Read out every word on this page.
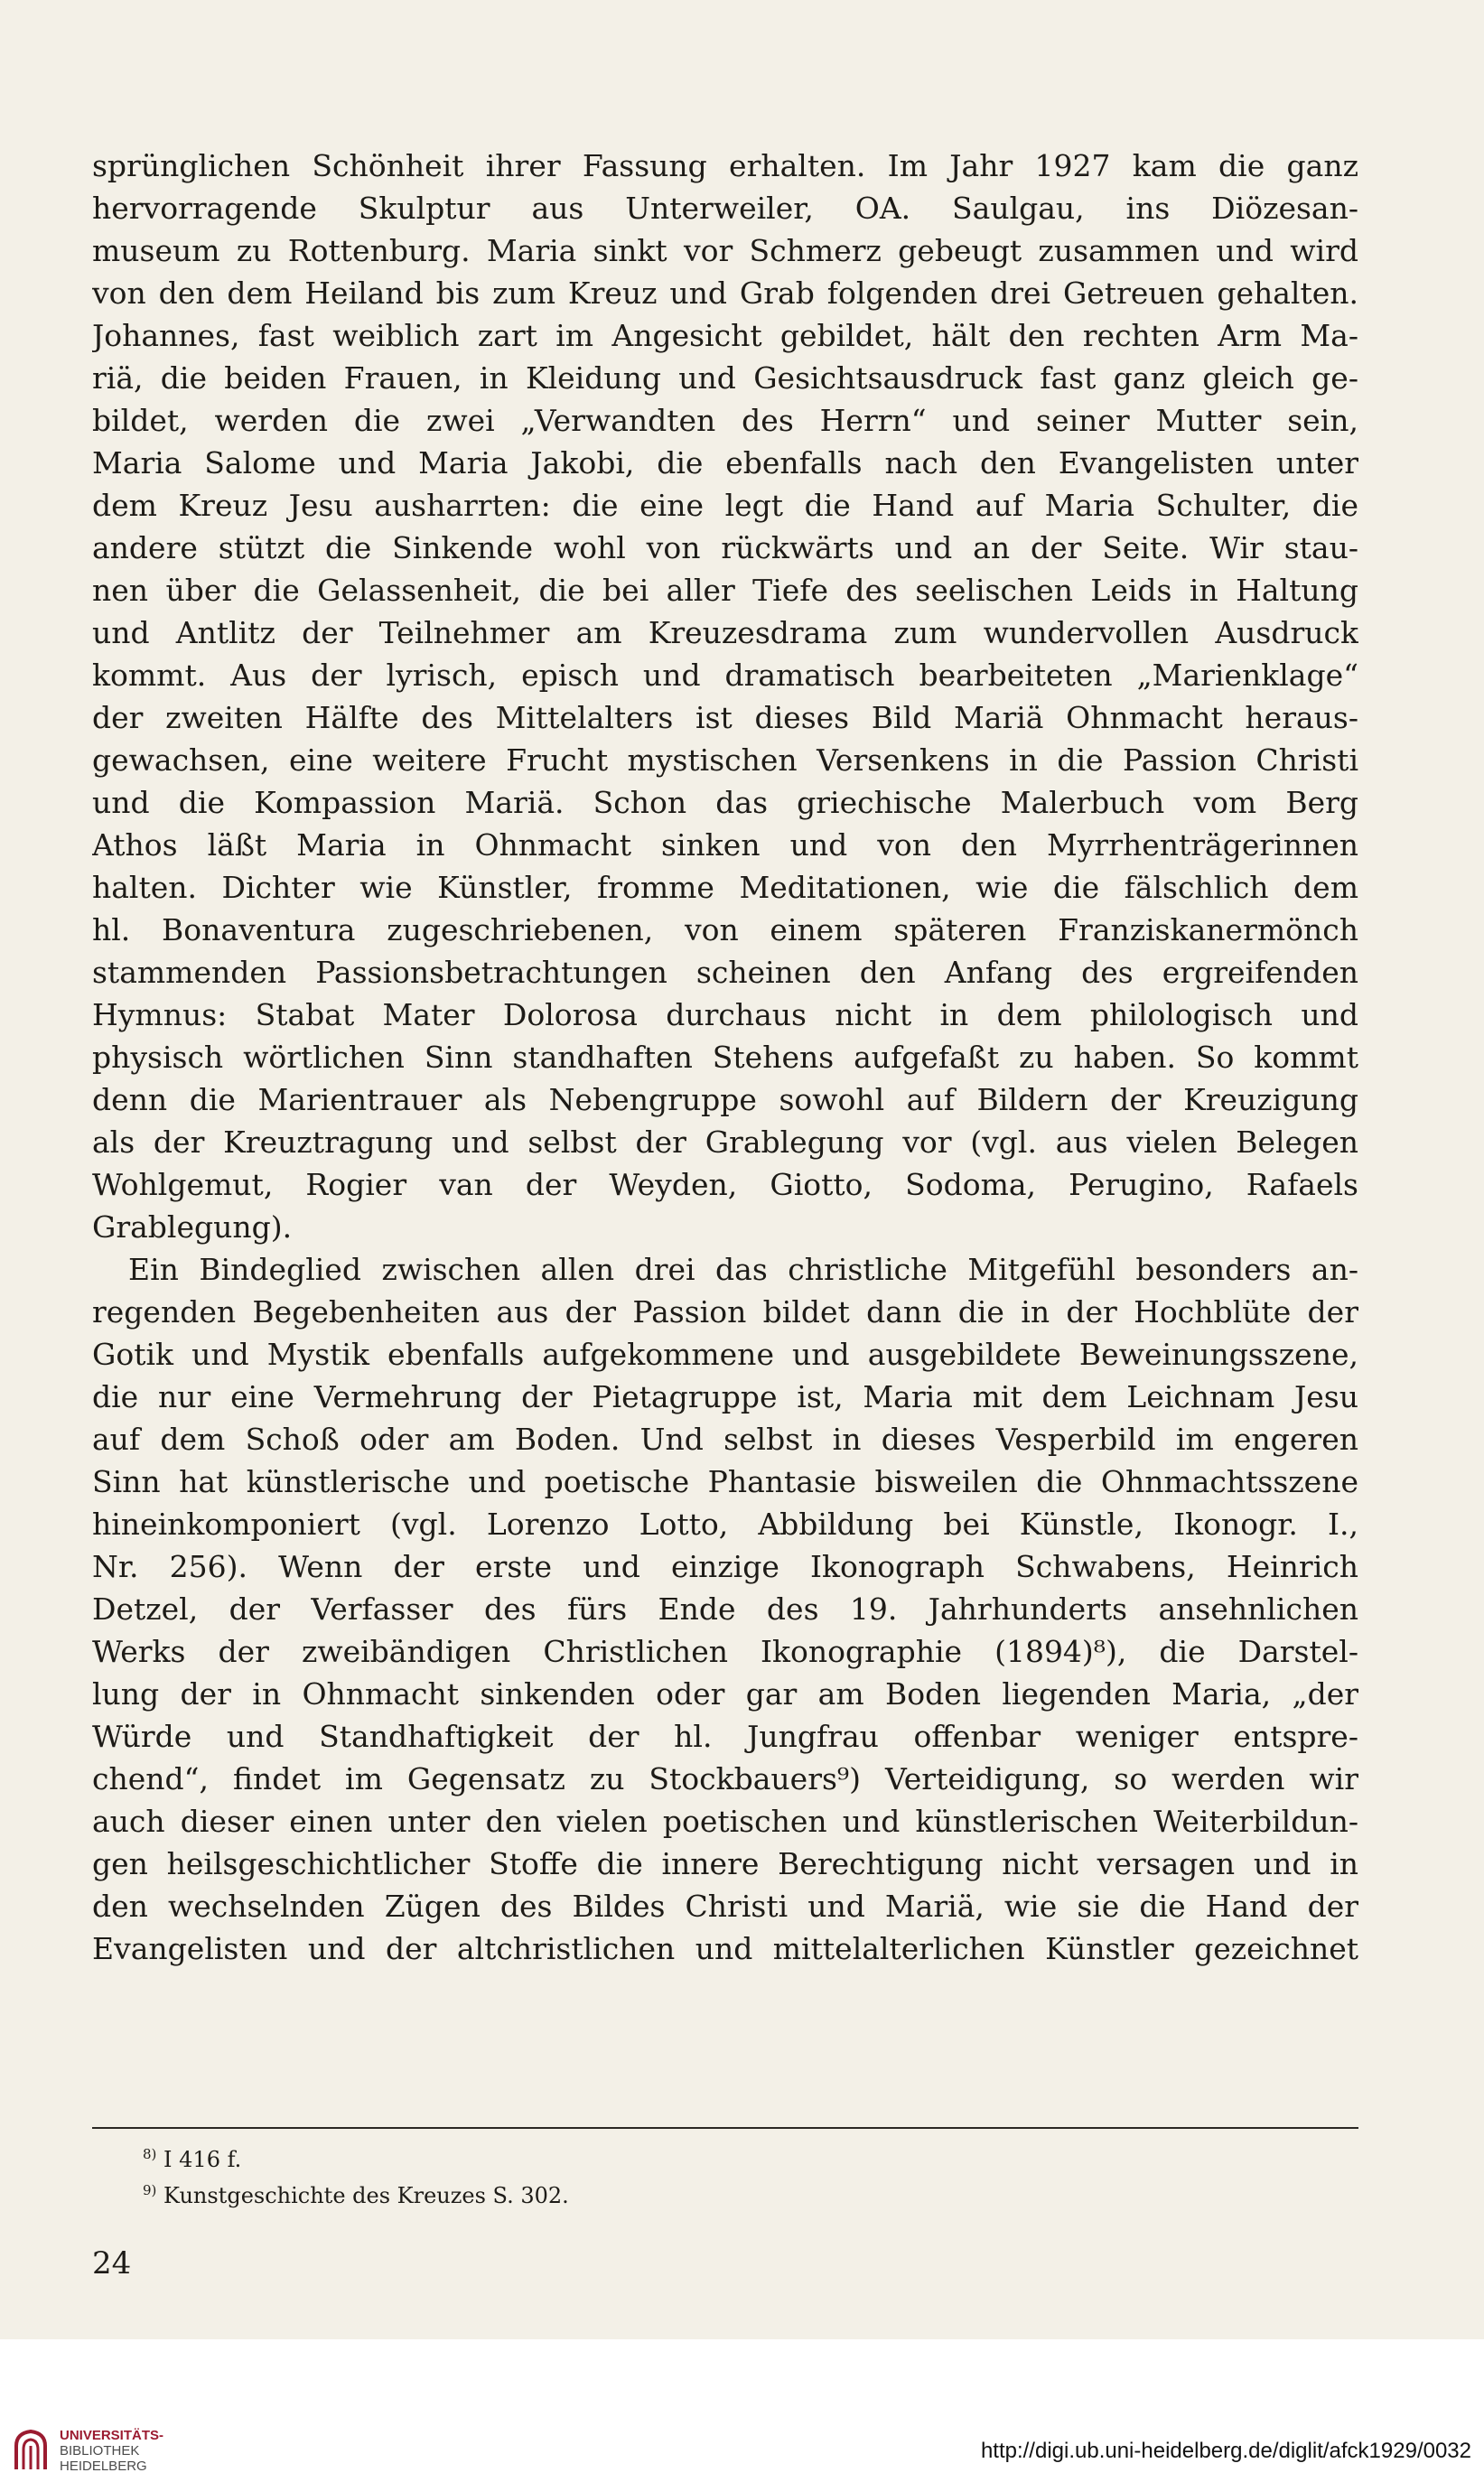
sprünglichen Schönheit ihrer Fassung erhalten. Im Jahr 1927 kam die ganz
hervorragende Skulptur aus Unterweiler, OA. Saulgau, ins Diözesan-
museum zu Rottenburg. Maria sinkt vor Schmerz gebeugt zusammen und wird
von den dem Heiland bis zum Kreuz und Grab folgenden drei Getreuen gehalten.
Johannes, fast weiblich zart im Angesicht gebildet, hält den rechten Arm Ma-
riä, die beiden Frauen, in Kleidung und Gesichtsausdruck fast ganz gleich ge-
bildet, werden die zwei „Verwandten des Herrn“ und seiner Mutter sein,
Maria Salome und Maria Jakobi, die ebenfalls nach den Evangelisten unter
dem Kreuz Jesu ausharrten: die eine legt die Hand auf Maria Schulter, die
andere stützt die Sinkende wohl von rückwärts und an der Seite. Wir stau-
nen über die Gelassenheit, die bei aller Tiefe des seelischen Leids in Haltung
und Antlitz der Teilnehmer am Kreuzesdrama zum wundervollen Ausdruck
kommt. Aus der lyrisch, episch und dramatisch bearbeiteten „Marienklage“
der zweiten Hälfte des Mittelalters ist dieses Bild Mariä Ohnmacht heraus-
gewachsen, eine weitere Frucht mystischen Versenkens in die Passion Christi
und die Kompassion Mariä. Schon das griechische Malerbuch vom Berg
Athos läßt Maria in Ohnmacht sinken und von den Myrrhenträgerinnen
halten. Dichter wie Künstler, fromme Meditationen, wie die fälschlich dem
hl. Bonaventura zugeschriebenen, von einem späteren Franziskanermönch
stammenden Passionsbetrachtungen scheinen den Anfang des ergreifenden
Hymnus: Stabat Mater Dolorosa durchaus nicht in dem philologisch und
physisch wörtlichen Sinn standhaften Stehens aufgefaßt zu haben. So kommt
denn die Marientrauer als Nebengruppe sowohl auf Bildern der Kreuzigung
als der Kreuztragung und selbst der Grablegung vor (vgl. aus vielen Belegen
Wohlgemut, Rogier van der Weyden, Giotto, Sodoma, Perugino, Rafaels
Grablegung).
Ein Bindeglied zwischen allen drei das christliche Mitgefühl besonders an-
regenden Begebenheiten aus der Passion bildet dann die in der Hochblüte der
Gotik und Mystik ebenfalls aufgekommene und ausgebildete Beweinungsszene,
die nur eine Vermehrung der Pietagruppe ist, Maria mit dem Leichnam Jesu
auf dem Schoß oder am Boden. Und selbst in dieses Vesperbild im engeren
Sinn hat künstlerische und poetische Phantasie bisweilen die Ohnmachtsszene
hineinkomponiert (vgl. Lorenzo Lotto, Abbildung bei Künstle, Ikonogr. I.,
Nr. 256). Wenn der erste und einzige Ikonograph Schwabens, Heinrich
Detzel, der Verfasser des fürs Ende des 19. Jahrhunderts ansehnlichen
Werks der zweibändigen Christlichen Ikonographie (1894)⁸), die Darstel-
lung der in Ohnmacht sinkenden oder gar am Boden liegenden Maria, „der
Würde und Standhaftigkeit der hl. Jungfrau offenbar weniger entspre-
chend“, findet im Gegensatz zu Stockbauers⁹) Verteidigung, so werden wir
auch dieser einen unter den vielen poetischen und künstlerischen Weiterbildun-
gen heilsgeschichtlicher Stoffe die innere Berechtigung nicht versagen und in
den wechselnden Zügen des Bildes Christi und Mariä, wie sie die Hand der
Evangelisten und der altchristlichen und mittelalterlichen Künstler gezeichnet
$^{8)}$ I 416 f.
$^{9)}$ Kunstgeschichte des Kreuzes S. 302.
24
UNIVERSITÄTS-
BIBLIOTHEK
HEIDELBERG
http://digi.ub.uni-heidelberg.de/diglit/afck1929/0032
